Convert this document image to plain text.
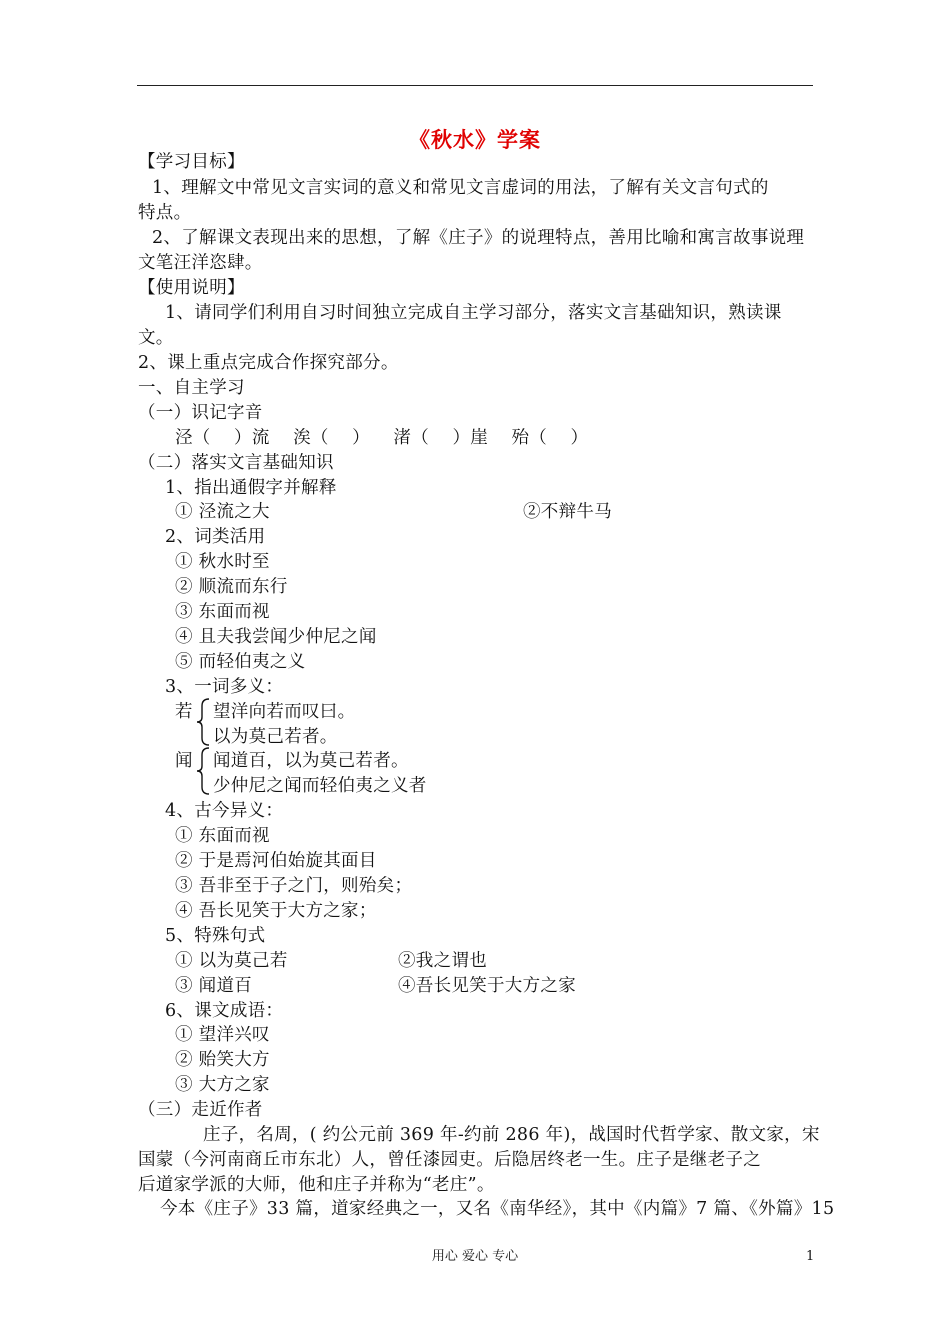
《秋水》学案
【学习目标】
1、理解文中常见文言实词的意义和常见文言虚词的用法，了解有关文言句式的
特点。
2、了解课文表现出来的思想，了解《庄子》的说理特点，善用比喻和寓言故事说理
文笔汪洋恣肆。
【使用说明】
1、请同学们利用自习时间独立完成自主学习部分，落实文言基础知识，熟读课
文。
2、课上重点完成合作探究部分。
一、自主学习
（一）识记字音
泾（    ）流    涘（    ）    渚（    ）崖    殆（    ）
（二）落实文言基础知识
1、指出通假字并解释
① 泾流之大	②不辩牛马
2、词类活用
① 秋水时至
② 顺流而东行
③ 东面而视
④ 且夫我尝闻少仲尼之闻
⑤ 而轻伯夷之义
3、一词多义：
若 望洋向若而叹曰。
以为莫己若者。
闻 闻道百，以为莫己若者。
少仲尼之闻而轻伯夷之义者
4、古今异义：
① 东面而视
② 于是焉河伯始旋其面目
③ 吾非至于子之门，则殆矣；
④ 吾长见笑于大方之家；
5、特殊句式
① 以为莫己若	②我之谓也
③ 闻道百	④吾长见笑于大方之家
6、课文成语：
① 望洋兴叹
② 贻笑大方
③ 大方之家
（三）走近作者
庄子，名周，( 约公元前 369 年-约前 286 年)，战国时代哲学家、散文家，宋
国蒙（今河南商丘市东北）人，曾任漆园吏。后隐居终老一生。庄子是继老子之
后道家学派的大师，他和庄子并称为“老庄”。
今本《庄子》33 篇，道家经典之一，又名《南华经》，其中《内篇》7 篇、《外篇》15
用心 爱心 专心	1
